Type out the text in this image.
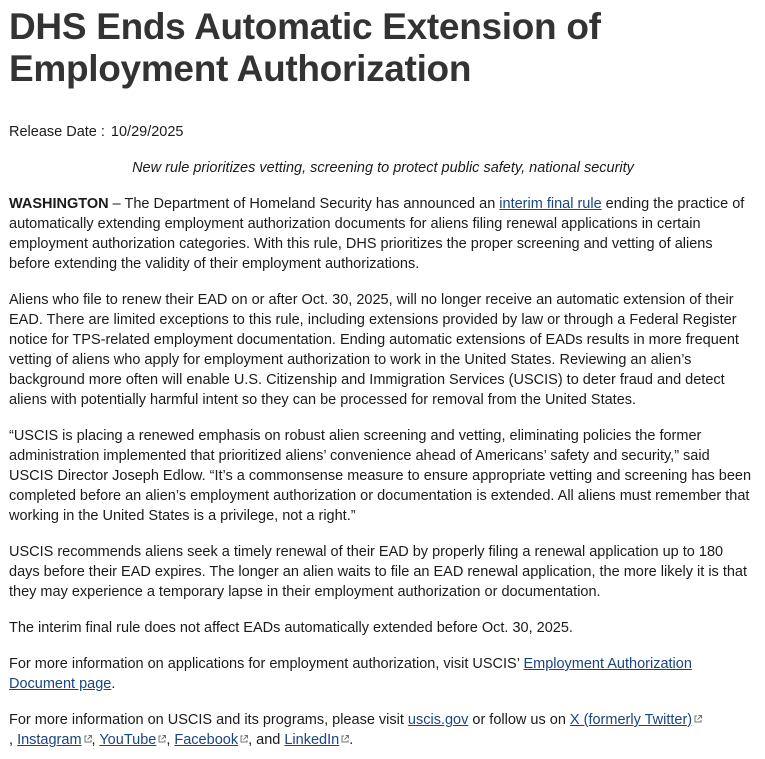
DHS Ends Automatic Extension of Employment Authorization
Release Date : 10/29/2025
New rule prioritizes vetting, screening to protect public safety, national security

WASHINGTON – The Department of Homeland Security has announced an interim final rule ending the practice of automatically extending employment authorization documents for aliens filing renewal applications in certain employment authorization categories. With this rule, DHS prioritizes the proper screening and vetting of aliens before extending the validity of their employment authorizations.

Aliens who file to renew their EAD on or after Oct. 30, 2025, will no longer receive an automatic extension of their EAD. There are limited exceptions to this rule, including extensions provided by law or through a Federal Register notice for TPS-related employment documentation. Ending automatic extensions of EADs results in more frequent vetting of aliens who apply for employment authorization to work in the United States. Reviewing an alien’s background more often will enable U.S. Citizenship and Immigration Services (USCIS) to deter fraud and detect aliens with potentially harmful intent so they can be processed for removal from the United States.

“USCIS is placing a renewed emphasis on robust alien screening and vetting, eliminating policies the former administration implemented that prioritized aliens’ convenience ahead of Americans’ safety and security,” said USCIS Director Joseph Edlow. “It’s a commonsense measure to ensure appropriate vetting and screening has been completed before an alien’s employment authorization or documentation is extended. All aliens must remember that working in the United States is a privilege, not a right.”

USCIS recommends aliens seek a timely renewal of their EAD by properly filing a renewal application up to 180 days before their EAD expires. The longer an alien waits to file an EAD renewal application, the more likely it is that they may experience a temporary lapse in their employment authorization or documentation.

The interim final rule does not affect EADs automatically extended before Oct. 30, 2025.

For more information on applications for employment authorization, visit USCIS’ Employment Authorization Document page.

For more information on USCIS and its programs, please visit uscis.gov or follow us on X (formerly Twitter)

, Instagram , YouTube , Facebook , and LinkedIn .
